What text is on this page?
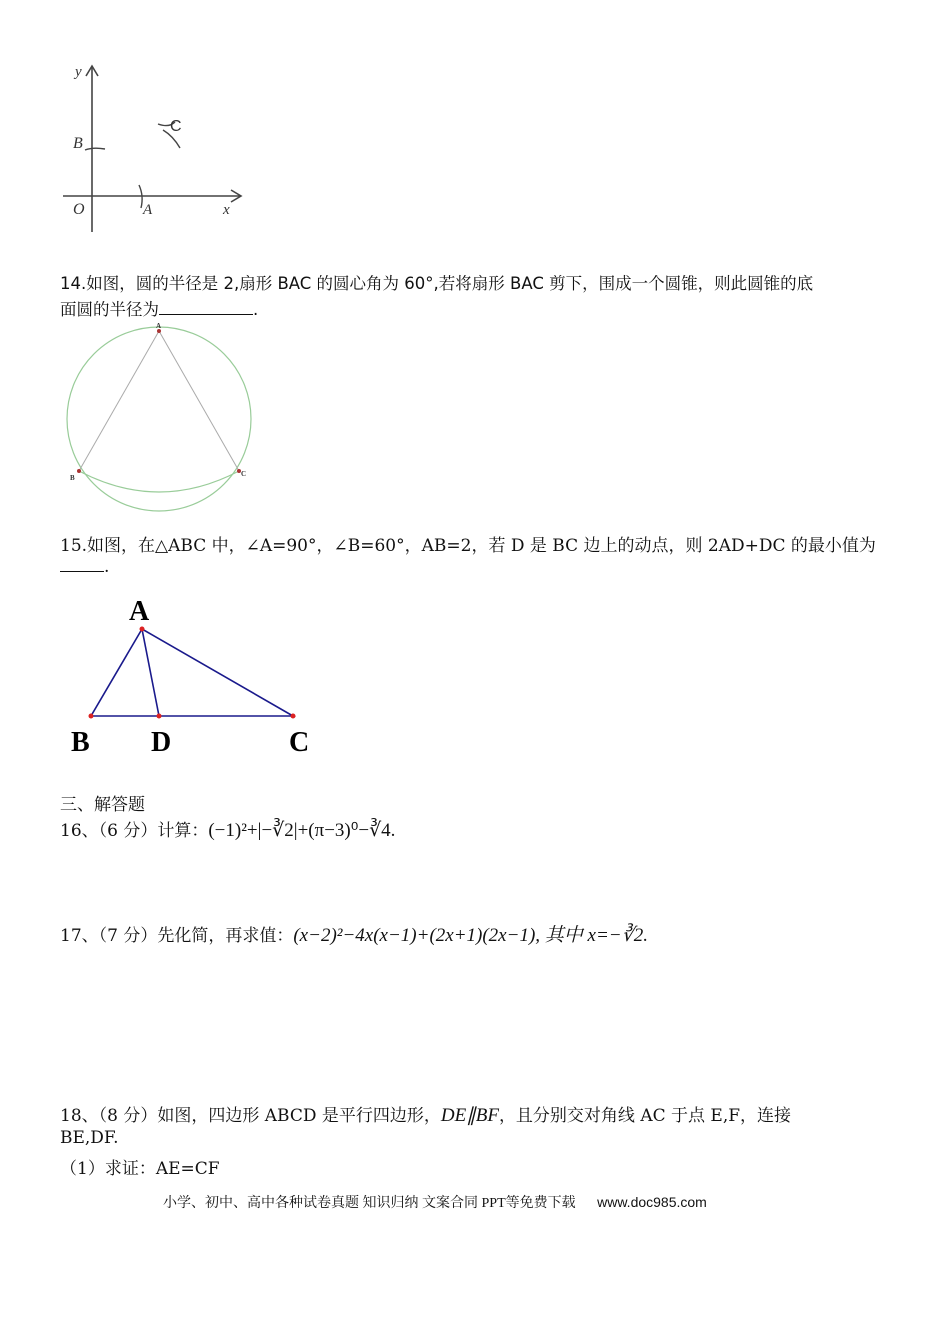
y
B
C
O	A	x
14.如图，圆的半径是 2,扇形 BAC 的圆心角为 60°,若将扇形 BAC 剪下，围成一个圆锥，则此圆锥的底
面圆的半径为	.
A
B	C
15.如图，在△ABC 中，∠A=90°，∠B=60°，AB=2，若 D 是 BC 边上的动点，则 2AD+DC 的最小值为
.
A
B D	C
三、解答题
16、（6 分）计算：(−1)²+|−∛2|+(π−3)⁰−∛4.
17、（7 分）先化简，再求值：(x−2)²−4x(x−1)+(2x+1)(2x−1), 其中 x=−∛2.
18、（8 分）如图，四边形 ABCD 是平行四边形，DE∥BF，且分别交对角线 AC 于点 E,F，连接
BE,DF.
（1）求证：AE=CF
小学、初中、高中各种试卷真题 知识归纳 文案合同 PPT等免费下载 www.doc985.com
